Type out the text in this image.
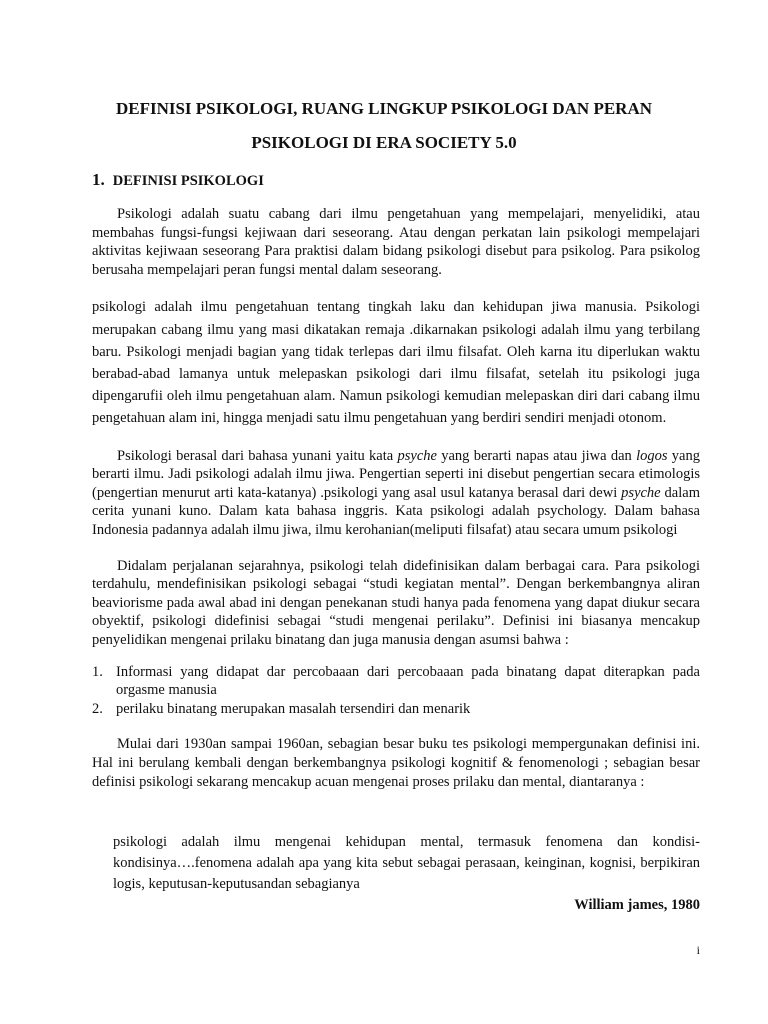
DEFINISI PSIKOLOGI, RUANG LINGKUP PSIKOLOGI DAN PERAN
PSIKOLOGI DI ERA SOCIETY 5.0
1. DEFINISI PSIKOLOGI

Psikologi adalah suatu cabang dari ilmu pengetahuan yang mempelajari, menyelidiki, atau membahas fungsi-fungsi kejiwaan dari seseorang. Atau dengan perkatan lain psikologi mempelajari aktivitas kejiwaan seseorang Para praktisi dalam bidang psikologi disebut para psikolog. Para psikolog berusaha mempelajari peran fungsi mental dalam seseorang.

psikologi adalah ilmu pengetahuan tentang tingkah laku dan kehidupan jiwa manusia. Psikologi merupakan cabang ilmu yang masi dikatakan remaja .dikarnakan psikologi adalah ilmu yang terbilang baru. Psikologi menjadi bagian yang tidak terlepas dari ilmu filsafat. Oleh karna itu diperlukan waktu berabad-abad lamanya untuk melepaskan psikologi dari ilmu filsafat, setelah itu psikologi juga dipengarufii oleh ilmu pengetahuan alam. Namun psikologi kemudian melepaskan diri dari cabang ilmu pengetahuan alam ini, hingga menjadi satu ilmu pengetahuan yang berdiri sendiri menjadi otonom.

Psikologi berasal dari bahasa yunani yaitu kata psyche yang berarti napas atau jiwa dan logos yang berarti ilmu. Jadi psikologi adalah ilmu jiwa. Pengertian seperti ini disebut pengertian secara etimologis (pengertian menurut arti kata-katanya) .psikologi yang asal usul katanya berasal dari dewi psyche dalam cerita yunani kuno. Dalam kata bahasa inggris. Kata psikologi adalah psychology. Dalam bahasa Indonesia padannya adalah ilmu jiwa, ilmu kerohanian(meliputi filsafat) atau secara umum psikologi

Didalam perjalanan sejarahnya, psikologi telah didefinisikan dalam berbagai cara. Para psikologi terdahulu, mendefinisikan psikologi sebagai “studi kegiatan mental”. Dengan berkembangnya aliran beaviorisme pada awal abad ini dengan penekanan studi hanya pada fenomena yang dapat diukur secara obyektif, psikologi didefinisi sebagai “studi mengenai perilaku”. Definisi ini biasanya mencakup penyelidikan mengenai prilaku binatang dan juga manusia dengan asumsi bahwa :

1. Informasi yang didapat dar percobaaan dari percobaaan pada binatang dapat diterapkan pada orgasme manusia
2. perilaku binatang merupakan masalah tersendiri dan menarik

Mulai dari 1930an sampai 1960an, sebagian besar buku tes psikologi mempergunakan definisi ini. Hal ini berulang kembali dengan berkembangnya psikologi kognitif & fenomenologi ; sebagian besar definisi psikologi sekarang mencakup acuan mengenai proses prilaku dan mental, diantaranya :

psikologi adalah ilmu mengenai kehidupan mental, termasuk fenomena dan kondisi-kondisinya….fenomena adalah apa yang kita sebut sebagai perasaan, keinginan, kognisi, berpikiran logis, keputusan-keputusandan sebagianya
William james, 1980
i
